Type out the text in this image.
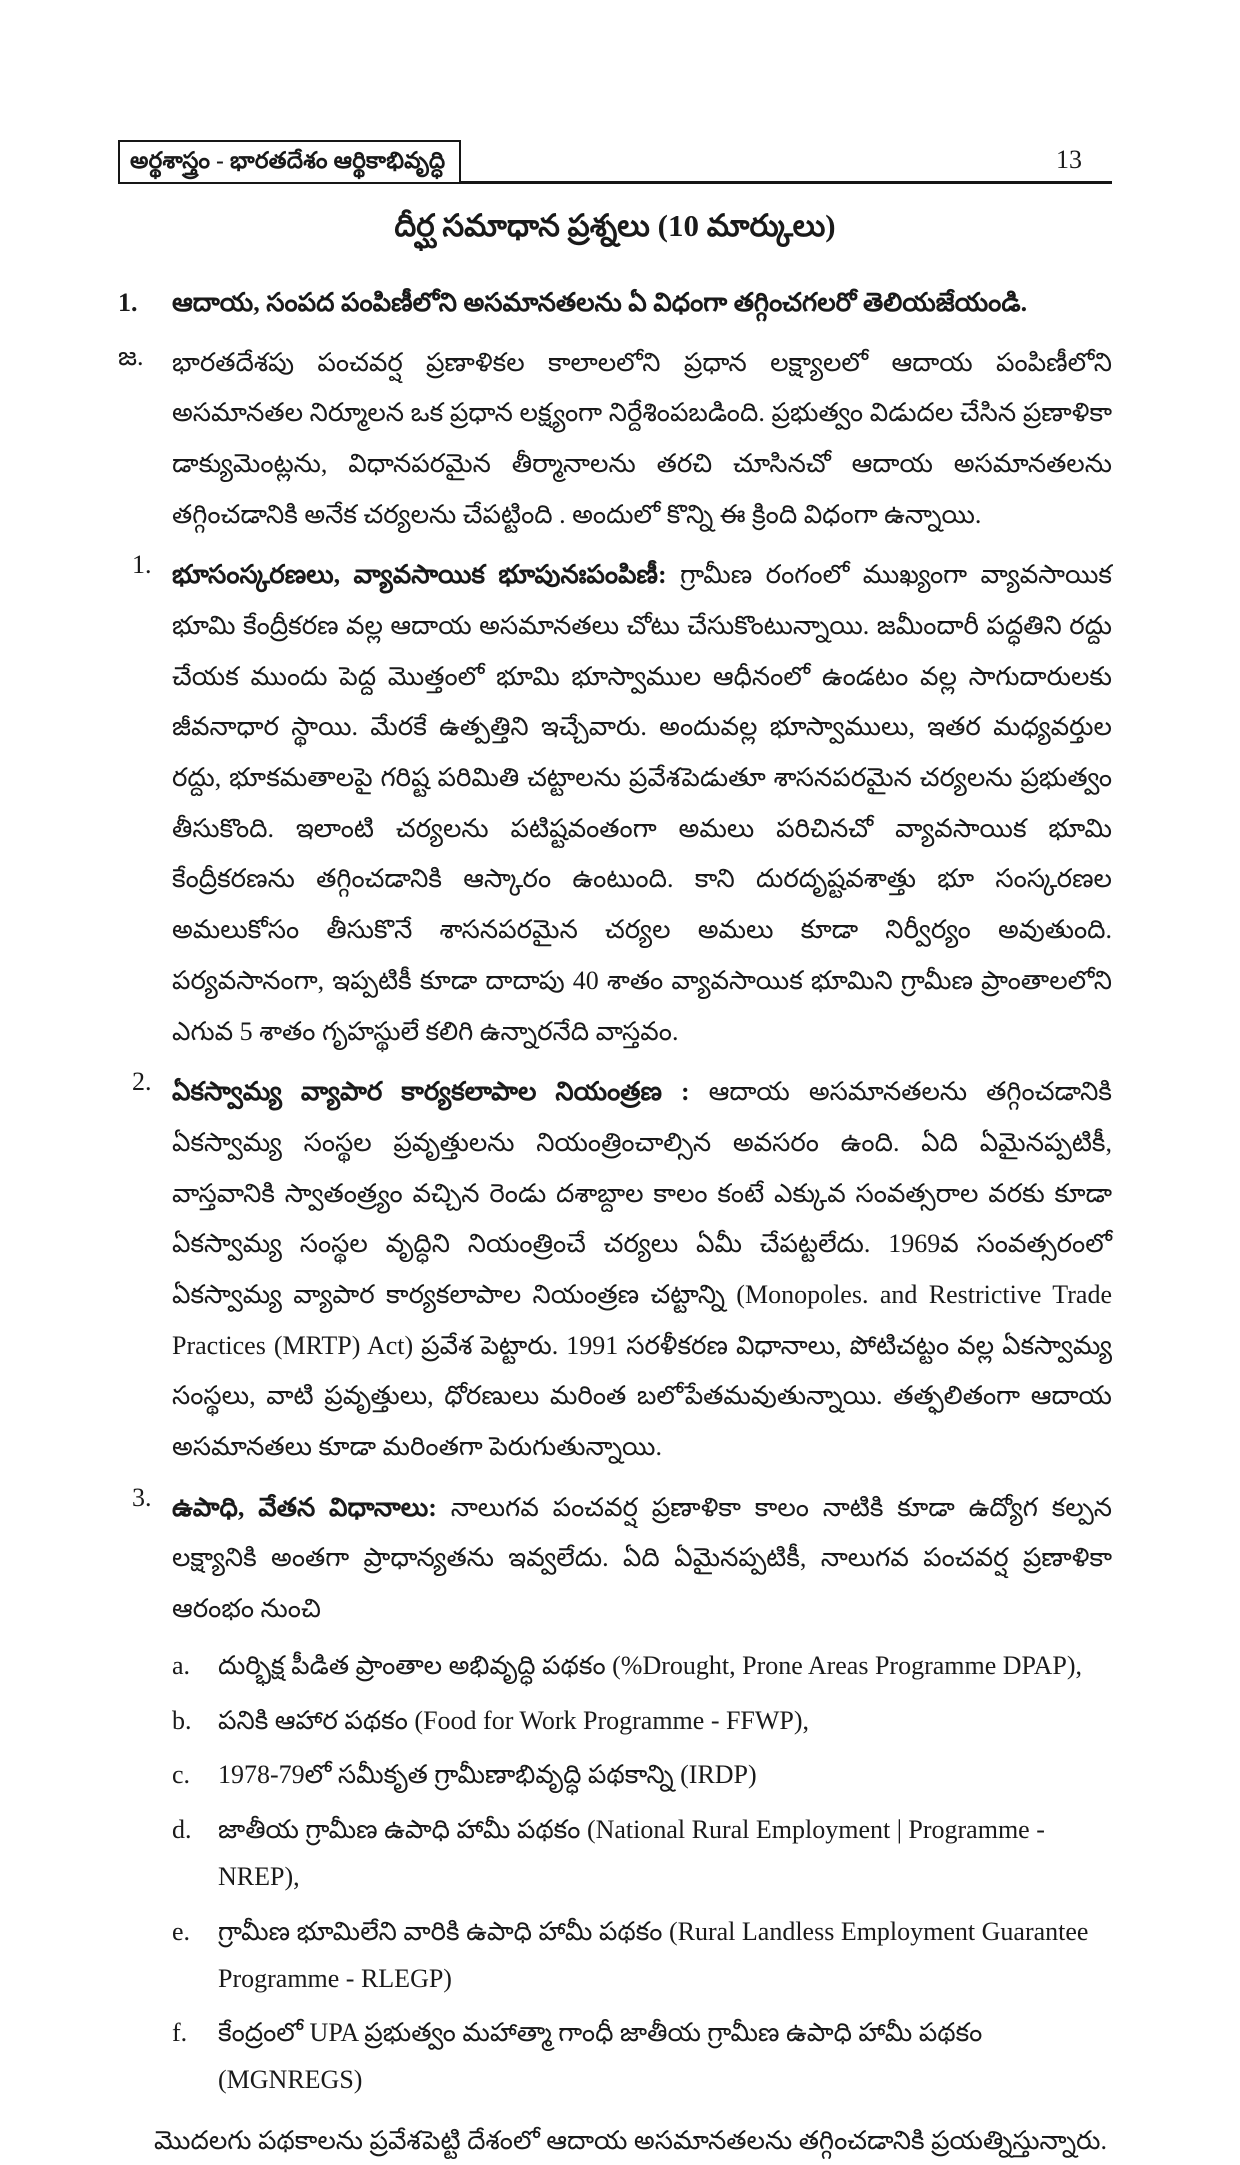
అర్థశాస్త్రం - భారతదేశం ఆర్థికాభివృద్ధి	13
దీర్ఘ సమాధాన ప్రశ్నలు (10 మార్కులు)
1.	ఆదాయ, సంపద పంపిణీలోని అసమానతలను ఏ విధంగా తగ్గించగలరో తెలియజేయండి.
జ.	భారతదేశపు పంచవర్ష ప్రణాళికల కాలాలలోని ప్రధాన లక్ష్యాలలో ఆదాయ పంపిణీలోని అసమానతల నిర్మూలన ఒక ప్రధాన లక్ష్యంగా నిర్దేశింపబడింది. ప్రభుత్వం విడుదల చేసిన ప్రణాళికా డాక్యుమెంట్లను, విధానపరమైన తీర్మానాలను తరచి చూసినచో ఆదాయ అసమానతలను తగ్గించడానికి అనేక చర్యలను చేపట్టింది . అందులో కొన్ని ఈ క్రింది విధంగా ఉన్నాయి.

1. భూసంస్కరణలు, వ్యావసాయిక భూపునఃపంపిణీ: గ్రామీణ రంగంలో ముఖ్యంగా వ్యావసాయిక భూమి కేంద్రీకరణ వల్ల ఆదాయ అసమానతలు చోటు చేసుకొంటున్నాయి. జమీందారీ పద్ధతిని రద్దు చేయక ముందు పెద్ద మొత్తంలో భూమి భూస్వాముల ఆధీనంలో ఉండటం వల్ల సాగుదారులకు జీవనాధార స్థాయి. మేరకే ఉత్పత్తిని ఇచ్చేవారు. అందువల్ల భూస్వాములు, ఇతర మధ్యవర్తుల రద్దు, భూకమతాలపై గరిష్ట పరిమితి చట్టాలను ప్రవేశపెడుతూ శాసనపరమైన చర్యలను ప్రభుత్వం తీసుకొంది. ఇలాంటి చర్యలను పటిష్టవంతంగా అమలు పరిచినచో వ్యావసాయిక భూమి కేంద్రీకరణను తగ్గించడానికి ఆస్కారం ఉంటుంది. కాని దురదృష్టవశాత్తు భూ సంస్కరణల అమలుకోసం తీసుకొనే శాసనపరమైన చర్యల అమలు కూడా నిర్వీర్యం అవుతుంది. పర్యవసానంగా, ఇప్పటికీ కూడా దాదాపు 40 శాతం వ్యావసాయిక భూమిని గ్రామీణ ప్రాంతాలలోని ఎగువ 5 శాతం గృహస్థులే కలిగి ఉన్నారనేది వాస్తవం.

2. ఏకస్వామ్య వ్యాపార కార్యకలాపాల నియంత్రణ : ఆదాయ అసమానతలను తగ్గించడానికి ఏకస్వామ్య సంస్థల ప్రవృత్తులను నియంత్రించాల్సిన అవసరం ఉంది. ఏది ఏమైనప్పటికీ, వాస్తవానికి స్వాతంత్ర్యం వచ్చిన రెండు దశాబ్దాల కాలం కంటే ఎక్కువ సంవత్సరాల వరకు కూడా ఏకస్వామ్య సంస్థల వృద్ధిని నియంత్రించే చర్యలు ఏమీ చేపట్టలేదు. 1969వ సంవత్సరంలో ఏకస్వామ్య వ్యాపార కార్యకలాపాల నియంత్రణ చట్టాన్ని (Monopoles. and Restrictive Trade Practices (MRTP) Act) ప్రవేశ పెట్టారు. 1991 సరళీకరణ విధానాలు, పోటిచట్టం వల్ల ఏకస్వామ్య సంస్థలు, వాటి ప్రవృత్తులు, ధోరణులు మరింత బలోపేతమవుతున్నాయి. తత్ఫలితంగా ఆదాయ అసమానతలు కూడా మరింతగా పెరుగుతున్నాయి.

3. ఉపాధి, వేతన విధానాలు: నాలుగవ పంచవర్ష ప్రణాళికా కాలం నాటికి కూడా ఉద్యోగ కల్పన లక్ష్యానికి అంతగా ప్రాధాన్యతను ఇవ్వలేదు. ఏది ఏమైనప్పటికీ, నాలుగవ పంచవర్ష ప్రణాళికా ఆరంభం నుంచి

a.	దుర్భిక్ష పీడిత ప్రాంతాల అభివృద్ధి పథకం (%Drought, Prone Areas Programme DPAP),
b.	పనికి ఆహార పథకం (Food for Work Programme - FFWP),
c.	1978-79లో సమీకృత గ్రామీణాభివృద్ధి పథకాన్ని (IRDP)
d.	జాతీయ గ్రామీణ ఉపాధి హామీ పథకం (National Rural Employment | Programme - NREP),
e.	గ్రామీణ భూమిలేని వారికి ఉపాధి హామీ పథకం (Rural Landless Employment Guarantee Programme - RLEGP)
f.	కేంద్రంలో UPA ప్రభుత్వం మహాత్మా గాంధీ జాతీయ గ్రామీణ ఉపాధి హామీ పథకం (MGNREGS)

మొదలగు పథకాలను ప్రవేశపెట్టి దేశంలో ఆదాయ అసమానతలను తగ్గించడానికి ప్రయత్నిస్తున్నారు.
